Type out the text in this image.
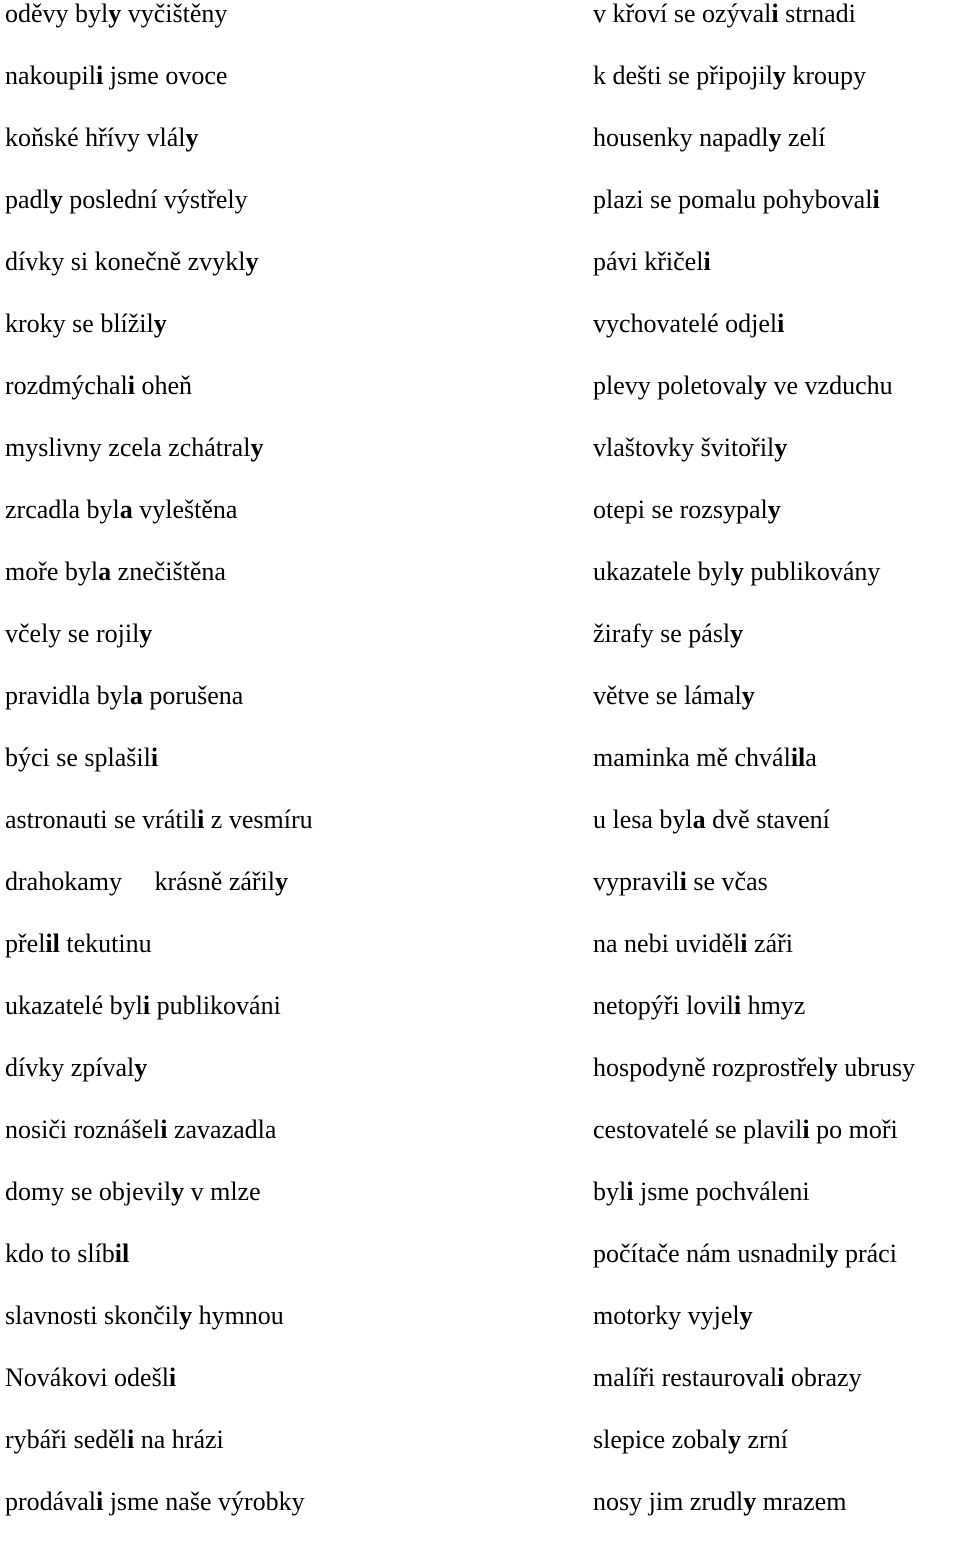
oděvy byly vyčištěny
nakoupili jsme ovoce
koňské hřívy vlály
padly poslední výstřely
dívky si konečně zvykly
kroky se blížily
rozdmýchali oheň
myslivny zcela zchátraly
zrcadla byla vyleštěna
moře byla znečištěna
včely se rojily
pravidla byla porušena
býci se splašili
astronauti se vrátili z vesmíru
drahokamy     krásně zářily
přelil tekutinu
ukazatelé byli publikováni
dívky zpívaly
nosiči roznášeli zavazadla
domy se objevily v mlze
kdo to slíbil
slavnosti skončily hymnou
Novákovi odešli
rybáři seděli na hrázi
prodávali jsme naše výrobky
v křoví se ozývali strnadi
k dešti se připojily kroupy
housenky napadly zelí
plazi se pomalu pohybovali
pávi křičeli
vychovatelé odjeli
plevy poletovaly ve vzduchu
vlaštovky švitořily
otepi se rozsypaly
ukazatele byly publikovány
žirafy se pásly
větve se lámaly
maminka mě chválila
u lesa byla dvě stavení
vypravili se včas
na nebi uviděli záři
netopýři lovili hmyz
hospodyně rozprostřely ubrusy
cestovatelé se plavili po moři
byli jsme pochváleni
počítače nám usnadnily práci
motorky vyjely
malíři restaurovali obrazy
slepice zobaly zrní
nosy jim zrudly mrazem
